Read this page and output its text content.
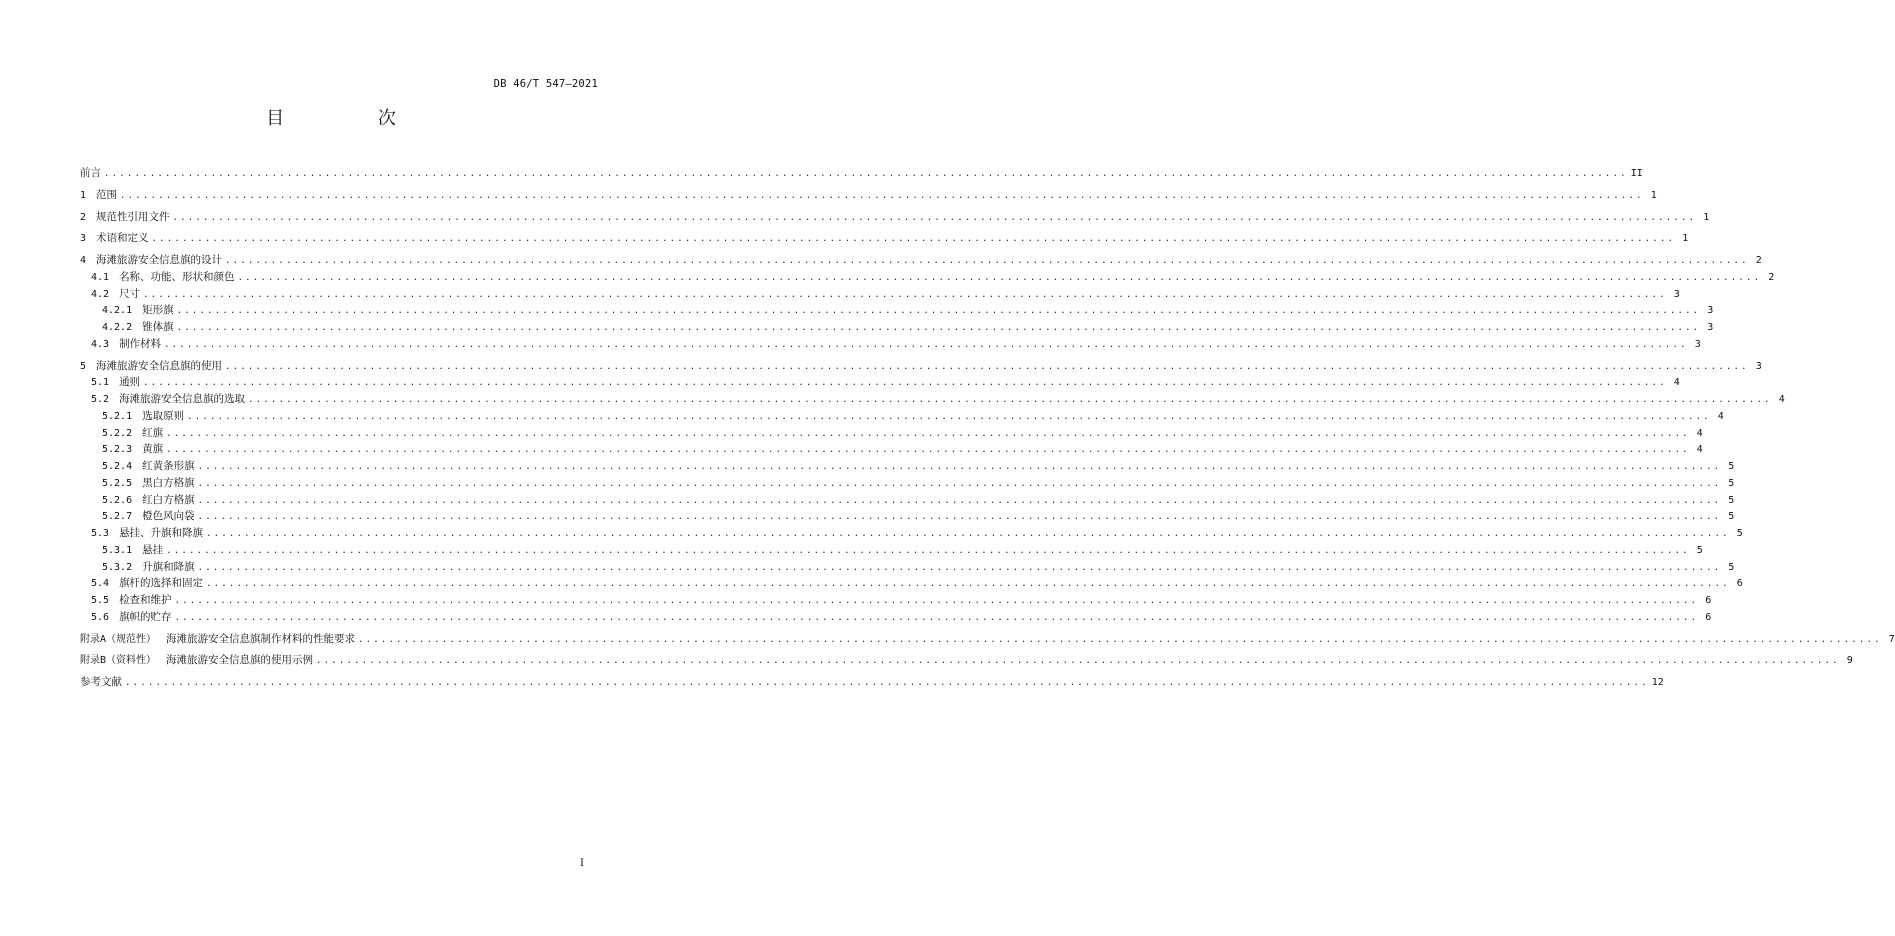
DB 46/T 547—2021
目 次
前言 ........................................................................................................................................................................................................ II
1 范围 ........................................................................................................................................................................................................ 1
2 规范性引用文件 ........................................................................................................................................................................................................ 1
3 术语和定义 ........................................................................................................................................................................................................ 1
4 海滩旅游安全信息旗的设计 ........................................................................................................................................................................................................ 2
4.1 名称、功能、形状和颜色 ........................................................................................................................................................................................................ 2
4.2 尺寸 ........................................................................................................................................................................................................ 3
4.2.1 矩形旗 ........................................................................................................................................................................................................ 3
4.2.2 锥体旗 ........................................................................................................................................................................................................ 3
4.3 制作材料 ........................................................................................................................................................................................................ 3
5 海滩旅游安全信息旗的使用 ........................................................................................................................................................................................................ 3
5.1 通则 ........................................................................................................................................................................................................ 4
5.2 海滩旅游安全信息旗的选取 ........................................................................................................................................................................................................ 4
5.2.1 选取原则 ........................................................................................................................................................................................................ 4
5.2.2 红旗 ........................................................................................................................................................................................................ 4
5.2.3 黄旗 ........................................................................................................................................................................................................ 4
5.2.4 红黄条形旗 ........................................................................................................................................................................................................ 5
5.2.5 黑白方格旗 ........................................................................................................................................................................................................ 5
5.2.6 红白方格旗 ........................................................................................................................................................................................................ 5
5.2.7 橙色风向袋 ........................................................................................................................................................................................................ 5
5.3 悬挂、升旗和降旗 ........................................................................................................................................................................................................ 5
5.3.1 悬挂 ........................................................................................................................................................................................................ 5
5.3.2 升旗和降旗 ........................................................................................................................................................................................................ 5
5.4 旗杆的选择和固定 ........................................................................................................................................................................................................ 6
5.5 检查和维护 ........................................................................................................................................................................................................ 6
5.6 旗帜的贮存 ........................................................................................................................................................................................................ 6
附录A（规范性） 海滩旅游安全信息旗制作材料的性能要求 ........................................................................................................................................................................................................ 7
附录B（资料性） 海滩旅游安全信息旗的使用示例 ........................................................................................................................................................................................................ 9
参考文献 ........................................................................................................................................................................................................ 12
I
